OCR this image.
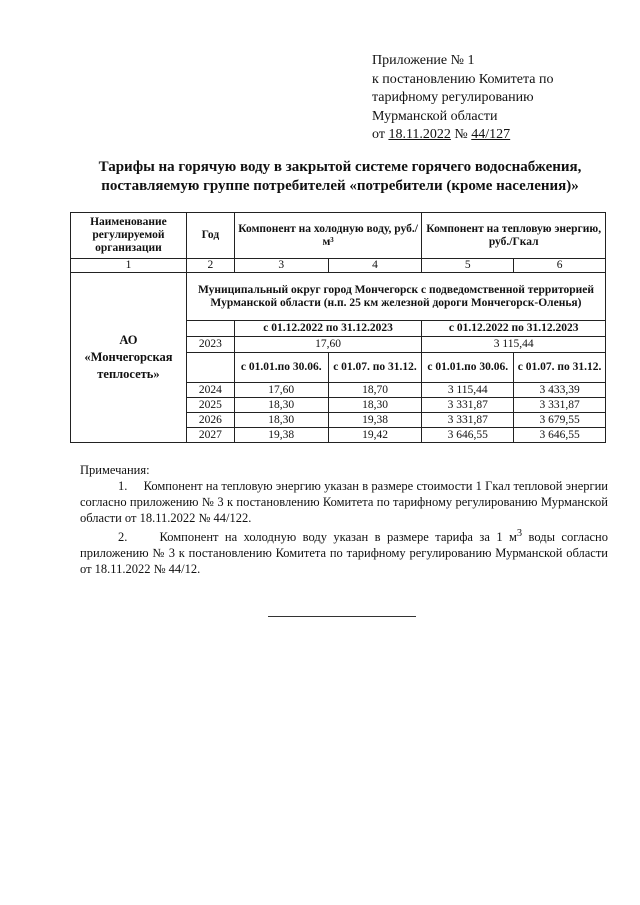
Приложение № 1
к постановлению Комитета по
тарифному регулированию
Мурманской области
от 18.11.2022 № 44/127
Тарифы на горячую воду в закрытой системе горячего водоснабжения,
поставляемую группе потребителей «потребители (кроме населения)»
Наименование регулируемой организации	Год	Компонент на холодную воду, руб./м³		Компонент на тепловую энергию, руб./Гкал	
1	2	3	4	5	6
АО «Мончегорская теплосеть»	Муниципальный округ город Мончегорск с подведомственной территорией Мурманской области (н.п. 25 км железной дороги Мончегорск-Оленья)				
		с 01.12.2022 по 31.12.2023		с 01.12.2022 по 31.12.2023	
	2023	17,60		3 115,44	
		с 01.01.по 30.06.	с 01.07. по 31.12.	с 01.01.по 30.06.	с 01.07. по 31.12.
	2024	17,60	18,70	3 115,44	3 433,39
	2025	18,30	18,30	3 331,87	3 331,87
	2026	18,30	19,38	3 331,87	3 679,55
	2027	19,38	19,42	3 646,55	3 646,55

Примечания:

1. Компонент на тепловую энергию указан в размере стоимости 1 Гкал тепловой энергии согласно приложению № 3 к постановлению Комитета по тарифному регулированию Мурманской области от 18.11.2022 № 44/122.

2.	Компонент на холодную воду указан в размере тарифа за 1 $м^3$ воды согласно приложению № 3 к постановлению Комитета по тарифному регулированию Мурманской области от 18.11.2022 № 44/12.
